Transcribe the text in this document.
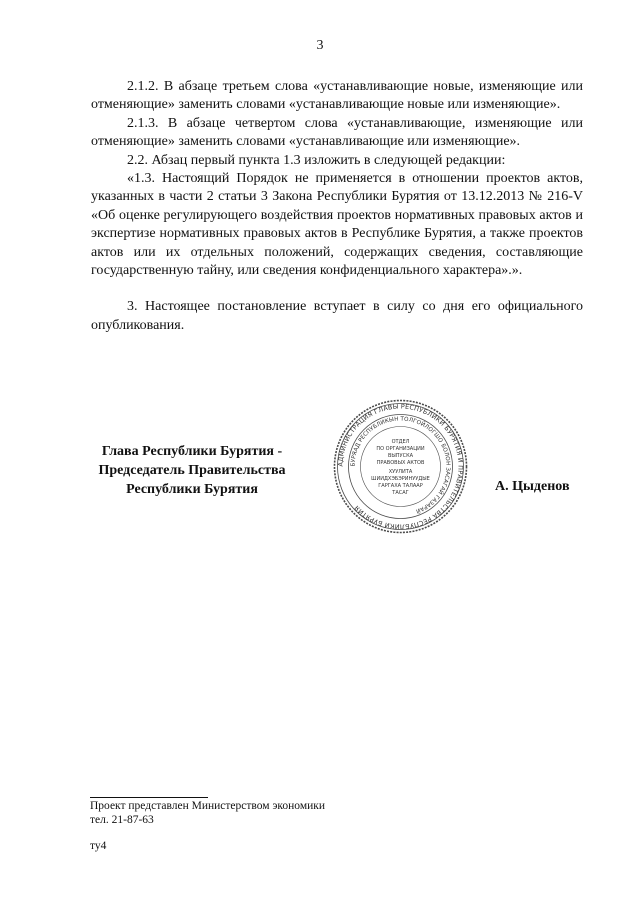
3

2.1.2. В абзаце третьем слова «устанавливающие новые, изменяющие или отменяющие» заменить словами «устанавливающие новые или изменяющие».

2.1.3. В абзаце четвертом слова «устанавливающие, изменяющие или отменяющие» заменить словами «устанавливающие или изменяющие».

2.2. Абзац первый пункта 1.3 изложить в следующей редакции:

«1.3. Настоящий Порядок не применяется в отношении проектов актов, указанных в части 2 статьи 3 Закона Республики Бурятия от 13.12.2013 № 216-V «Об оценке регулирующего воздействия проектов нормативных правовых актов и экспертизе нормативных правовых актов в Республике Бурятия, а также проектов актов или их отдельных положений, содержащих сведения, составляющие государственную тайну, или сведения конфиденциального характера».».

3. Настоящее постановление вступает в силу со дня его официального опубликования.

Глава Республики Бурятия -
Председатель Правительства
Республики Бурятия
АДМИНИСТРАЦИЯ ГЛАВЫ РЕСПУБЛИКИ БУРЯТИЯ И ПРАВИТЕЛЬСТВА РЕСПУБЛИКИ БУРЯТИЯ
БУРЯАД РЕСПУБЛИКЫН ТОЛГОЙЛОГШО БОЛОН ЗАСАГАЙ ГАЗАРАЙ
ОТДЕЛ
ПО ОРГАНИЗАЦИИ
ВЫПУСКА
ПРАВОВЫХ АКТОВ
ХУУЛИТА
ШИИДХЭБЭРИНУУДЫЕ
ГАРГАХА ТАЛААР
ТАСАГ	А. Цыденов
Проект представлен Министерством экономики
тел. 21-87-63
ту4
